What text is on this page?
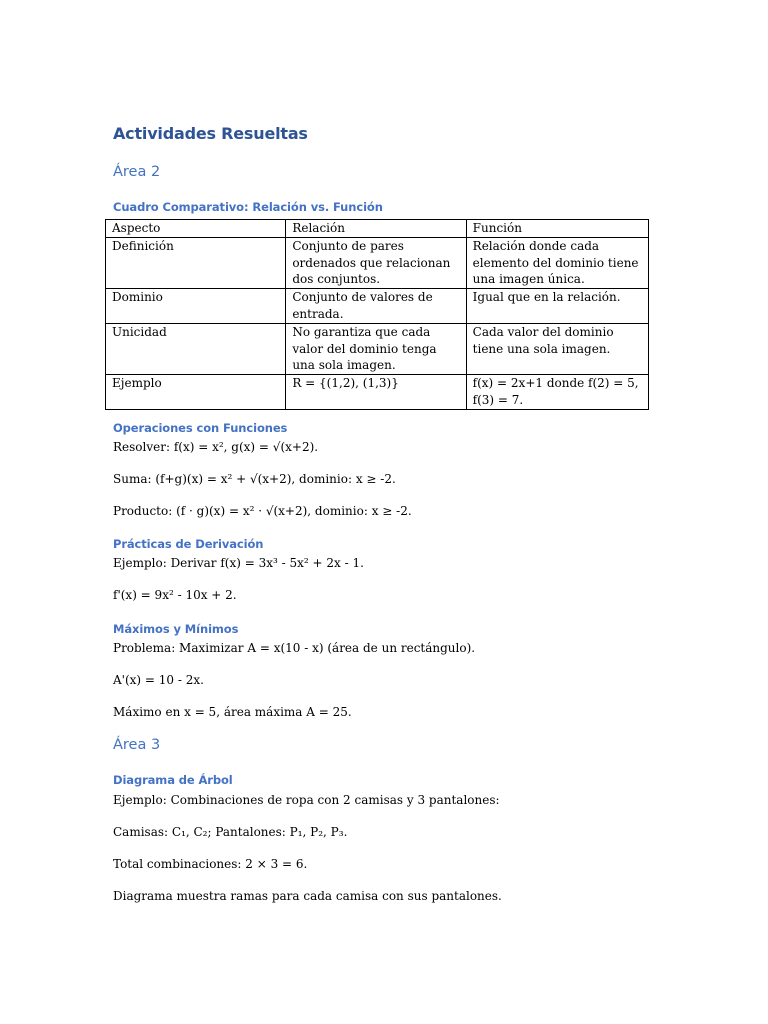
Actividades Resueltas
Área 2
Cuadro Comparativo: Relación vs. Función
Aspecto	Relación	Función
Definición	Conjunto de pares ordenados que relacionan dos conjuntos.	Relación donde cada elemento del dominio tiene una imagen única.
Dominio	Conjunto de valores de entrada.	Igual que en la relación.
Unicidad	No garantiza que cada valor del dominio tenga una sola imagen.	Cada valor del dominio tiene una sola imagen.
Ejemplo	R = {(1,2), (1,3)}	f(x) = 2x+1 donde f(2) = 5, f(3) = 7.
Operaciones con Funciones

Resolver: f(x) = x², g(x) = √(x+2).

Suma: (f+g)(x) = x² + √(x+2), dominio: x ≥ -2.

Producto: (f · g)(x) = x² · √(x+2), dominio: x ≥ -2.

Prácticas de Derivación

Ejemplo: Derivar f(x) = 3x³ - 5x² + 2x - 1.

f'(x) = 9x² - 10x + 2.

Máximos y Mínimos

Problema: Maximizar A = x(10 - x) (área de un rectángulo).

A'(x) = 10 - 2x.

Máximo en x = 5, área máxima A = 25.

Área 3
Diagrama de Árbol

Ejemplo: Combinaciones de ropa con 2 camisas y 3 pantalones:

Camisas: C₁, C₂; Pantalones: P₁, P₂, P₃.

Total combinaciones: 2 × 3 = 6.

Diagrama muestra ramas para cada camisa con sus pantalones.
